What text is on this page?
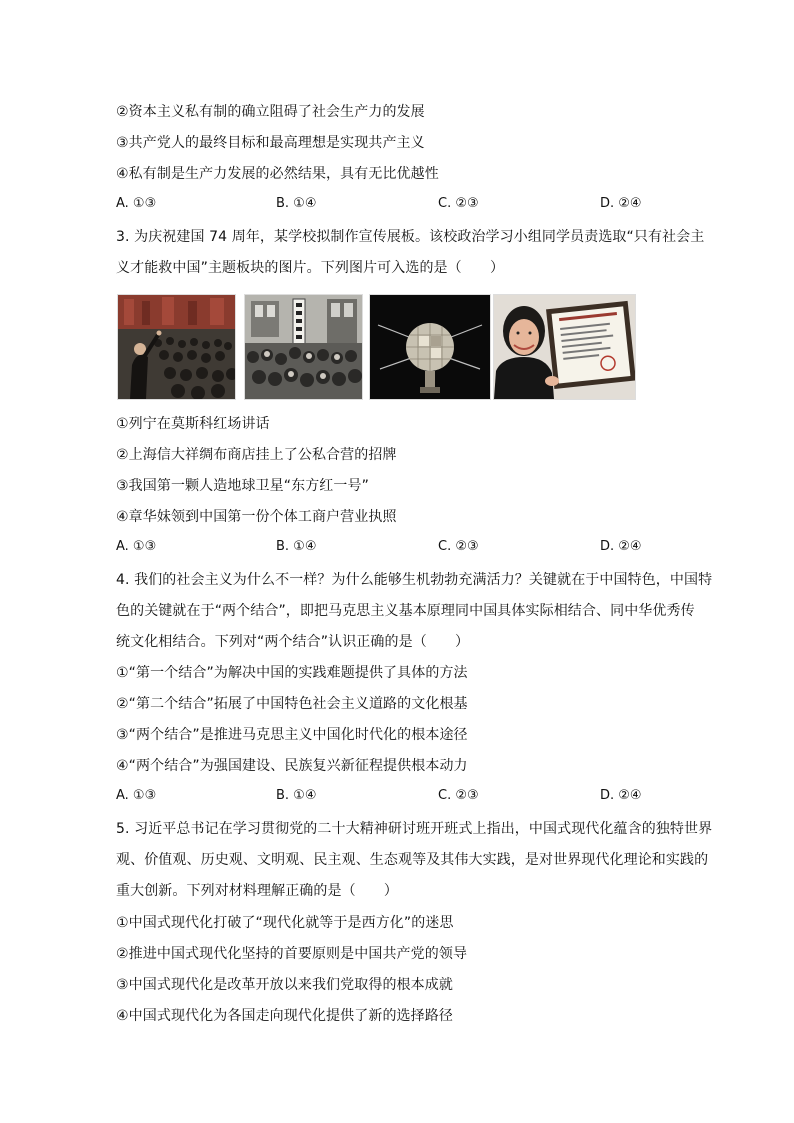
②资本主义私有制的确立阻碍了社会生产力的发展
③共产党人的最终目标和最高理想是实现共产主义
④私有制是生产力发展的必然结果，具有无比优越性
A. ①③	B. ①④	C. ②③	D. ②④
3. 为庆祝建国 74 周年，某学校拟制作宣传展板。该校政治学习小组同学员责选取“只有社会主
义才能救中国”主题板块的图片。下列图片可入选的是（　　）
①列宁在莫斯科红场讲话
②上海信大祥绸布商店挂上了公私合营的招牌
③我国第一颗人造地球卫星“东方红一号”
④章华妹领到中国第一份个体工商户营业执照
A. ①③	B. ①④	C. ②③	D. ②④
4. 我们的社会主义为什么不一样？为什么能够生机勃勃充满活力？关键就在于中国特色，中国特
色的关键就在于“两个结合”，即把马克思主义基本原理同中国具体实际相结合、同中华优秀传
统文化相结合。下列对“两个结合”认识正确的是（　　）
①“第一个结合”为解决中国的实践难题提供了具体的方法
②“第二个结合”拓展了中国特色社会主义道路的文化根基
③“两个结合”是推进马克思主义中国化时代化的根本途径
④“两个结合”为强国建设、民族复兴新征程提供根本动力
A. ①③	B. ①④	C. ②③	D. ②④
5. 习近平总书记在学习贯彻党的二十大精神研讨班开班式上指出，中国式现代化蕴含的独特世界
观、价值观、历史观、文明观、民主观、生态观等及其伟大实践，是对世界现代化理论和实践的
重大创新。下列对材料理解正确的是（　　）
①中国式现代化打破了“现代化就等于是西方化”的迷思
②推进中国式现代化坚持的首要原则是中国共产党的领导
③中国式现代化是改革开放以来我们党取得的根本成就
④中国式现代化为各国走向现代化提供了新的选择路径
